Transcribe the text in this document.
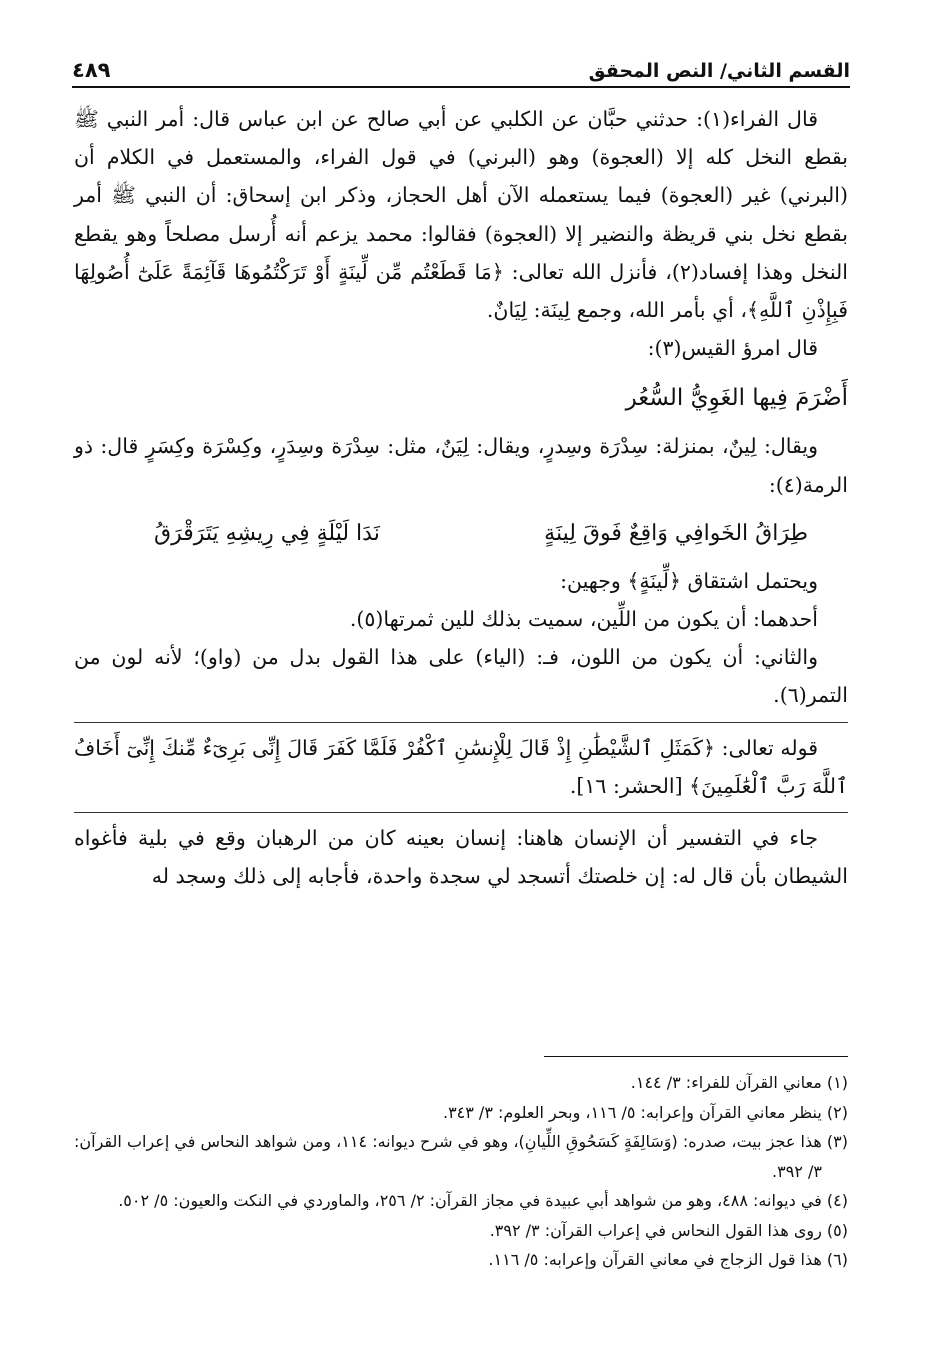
القسم الثاني/ النص المحقق
٤٨٩

قال الفراء(١): حدثني حبَّان عن الكلبي عن أبي صالح عن ابن عباس قال: أمر النبي ﷺ بقطع النخل كله إلا (العجوة) وهو (البرني) في قول الفراء، والمستعمل في الكلام أن (البرني) غير (العجوة) فيما يستعمله الآن أهل الحجاز، وذكر ابن إسحاق: أن النبي ﷺ أمر بقطع نخل بني قريظة والنضير إلا (العجوة) فقالوا: محمد يزعم أنه أُرسل مصلحاً وهو يقطع النخل وهذا إفساد(٢)، فأنزل الله تعالى: ﴿مَا قَطَعْتُم مِّن لِّينَةٍ أَوْ تَرَكْتُمُوهَا قَآئِمَةً عَلَىٰٓ أُصُولِهَا فَبِإِذْنِ ٱللَّهِ﴾، أي بأمر الله، وجمع لِينَة: لِيَانٌ.

قال امرؤ القيس(٣):

أَضْرَمَ فِيها الغَوِيُّ السُّعُر

ويقال: لِينٌ، بمنزلة: سِدْرَة وسِدرٍ، ويقال: لِيَنٌ، مثل: سِدْرَة وسِدَرٍ، وكِسْرَة وكِسَرٍ قال: ذو الرمة(٤):

طِرَاقُ الخَوافِي وَاقِعٌ فَوقَ لِينَةٍ
نَدَا لَيْلَةٍ فِي رِيشِهِ يَتَرَقْرَقُ

ويحتمل اشتقاق ﴿لِّينَةٍ﴾ وجهين:

أحدهما: أن يكون من اللِّين، سميت بذلك للين ثمرتها(٥).

والثاني: أن يكون من اللون، فـ: (الياء) على هذا القول بدل من (واو)؛ لأنه لون من التمر(٦).

قوله تعالى: ﴿كَمَثَلِ ٱلشَّيْطَٰنِ إِذْ قَالَ لِلْإِنسَٰنِ ٱكْفُرْ فَلَمَّا كَفَرَ قَالَ إِنِّى بَرِىٓءٌ مِّنكَ إِنِّىٓ أَخَافُ ٱللَّهَ رَبَّ ٱلْعَٰلَمِينَ﴾ [الحشر: ١٦].

جاء في التفسير أن الإنسان هاهنا: إنسان بعينه كان من الرهبان وقع في بلية فأغواه الشيطان بأن قال له: إن خلصتك أتسجد لي سجدة واحدة، فأجابه إلى ذلك وسجد له

(١) معاني القرآن للفراء: ٣/ ١٤٤.

(٢) ينظر معاني القرآن وإعرابه: ٥/ ١١٦، وبحر العلوم: ٣/ ٣٤٣.

(٣) هذا عجز بيت، صدره: (وَسَالِفَةٍ كَسَحُوقِ اللِّيانِ)، وهو في شرح ديوانه: ١١٤، ومن شواهد النحاس في إعراب القرآن: ٣/ ٣٩٢.

(٤) في ديوانه: ٤٨٨، وهو من شواهد أبي عبيدة في مجاز القرآن: ٢/ ٢٥٦، والماوردي في النكت والعيون: ٥/ ٥٠٢.

(٥) روى هذا القول النحاس في إعراب القرآن: ٣/ ٣٩٢.

(٦) هذا قول الزجاج في معاني القرآن وإعرابه: ٥/ ١١٦.
